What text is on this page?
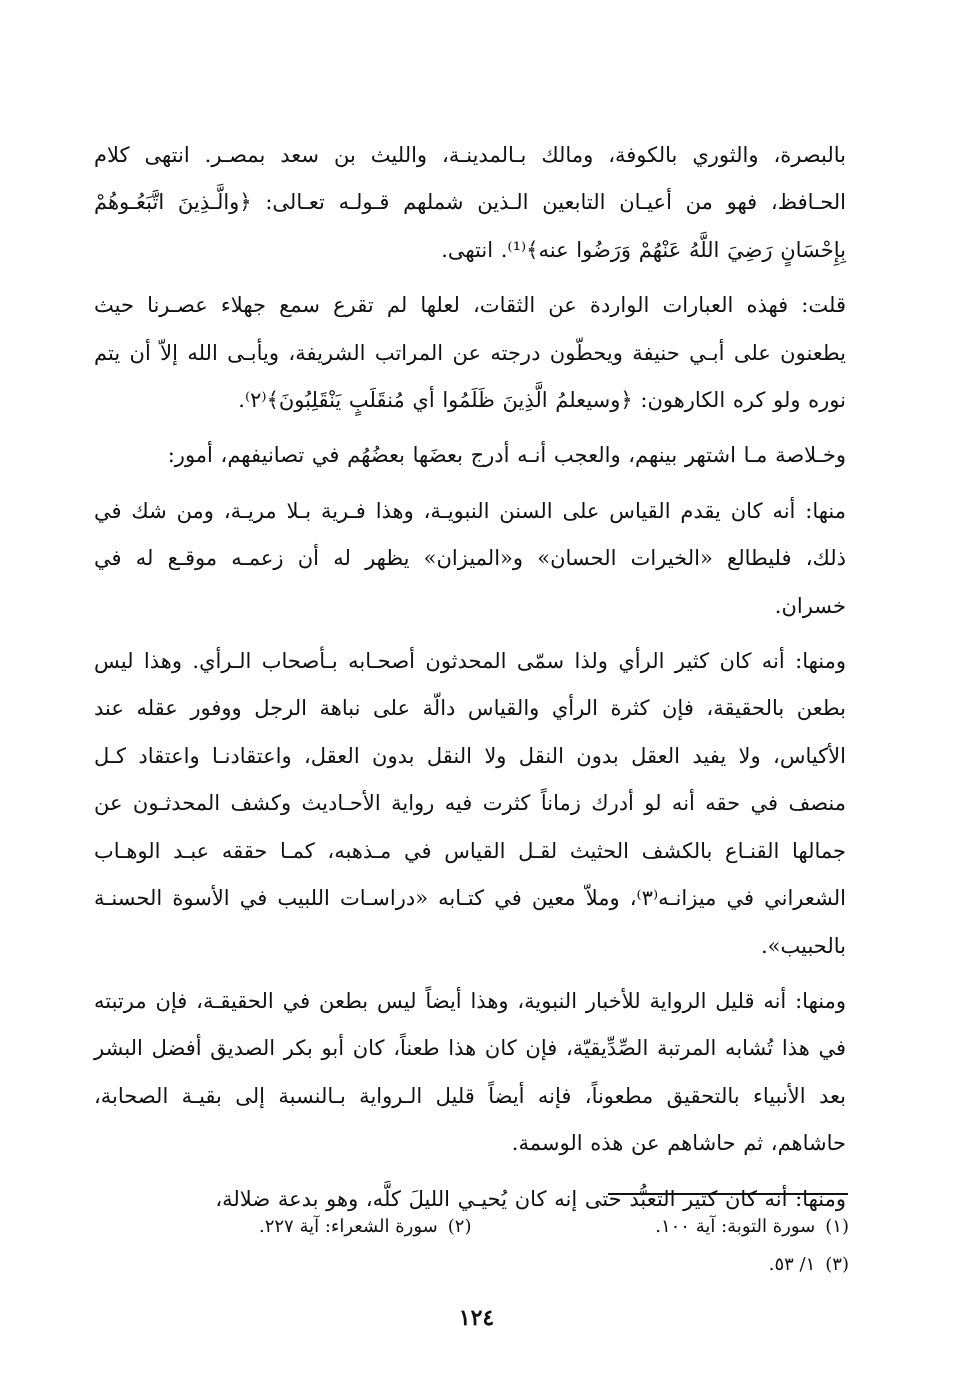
بالبصرة، والثوري بالكوفة، ومالك بـالمدينـة، والليث بن سعد بمصـر. انتهى كلام الحـافظ، فهو من أعيـان التابعين الـذين شملهم قـولـه تعـالى: ﴿والَّـذِينَ اتَّبَعُـوهُمْ بِإِحْسَانٍ رَضِيَ اللَّهُ عَنْهُمْ وَرَضُوا عنه﴾⁽¹⁾. انتهى.

قلت: فهذه العبارات الواردة عن الثقات، لعلها لم تقرع سمع جهلاء عصـرنا حيث يطعنون على أبـي حنيفة ويحطّون درجته عن المراتب الشريفة، ويأبـى الله إلاّ أن يتم نوره ولو كره الكارهون: ﴿وسيعلمُ الَّذِينَ ظَلَمُوا أي مُنقَلَبٍ يَنْقَلِبُونَ﴾⁽٢⁾.

وخـلاصة مـا اشتهر بينهم، والعجب أنـه أدرج بعضَها بعضُهُم في تصانيفهم، أمور:

منها: أنه كان يقدم القياس على السنن النبويـة، وهذا فـرية بـلا مريـة، ومن شك في ذلك، فليطالع «الخيرات الحسان» و«الميزان» يظهر له أن زعمـه موقـع له في خسران.

ومنها: أنه كان كثير الرأي ولذا سمّى المحدثون أصحـابه بـأصحاب الـرأي. وهذا ليس بطعن بالحقيقة، فإن كثرة الرأي والقياس دالّة على نباهة الرجل ووفور عقله عند الأكياس، ولا يفيد العقل بدون النقل ولا النقل بدون العقل، واعتقادنـا واعتقاد كـل منصف في حقه أنه لو أدرك زماناً كثرت فيه رواية الأحـاديث وكشف المحدثـون عن جمالها القنـاع بالكشف الحثيث لقـل القياس في مـذهبه، كمـا حققه عبـد الوهـاب الشعراني في ميزانـه⁽٣⁾، وملاّ معين في كتـابه «دراسـات اللبيب في الأسوة الحسنـة بالحبيب».

ومنها: أنه قليل الرواية للأخبار النبوية، وهذا أيضاً ليس بطعن في الحقيقـة، فإن مرتبته في هذا تُشابه المرتبة الصِّدِّيقيّة، فإن كان هذا طعناً، كان أبو بكر الصديق أفضل البشر بعد الأنبياء بالتحقيق مطعوناً، فإنه أيضاً قليل الـرواية بـالنسبة إلى بقيـة الصحابة، حاشاهم، ثم حاشاهم عن هذه الوسمة.

ومنها: أنه كان كثير التعبُّد حتى إنه كان يُحيـي الليلَ كلَّه، وهو بدعة ضلالة،

(١)سورة التوبة: آية ١٠٠.
(٢)سورة الشعراء: آية ٢٢٧.
(٣)١/ ٥٣.
١٢٤
